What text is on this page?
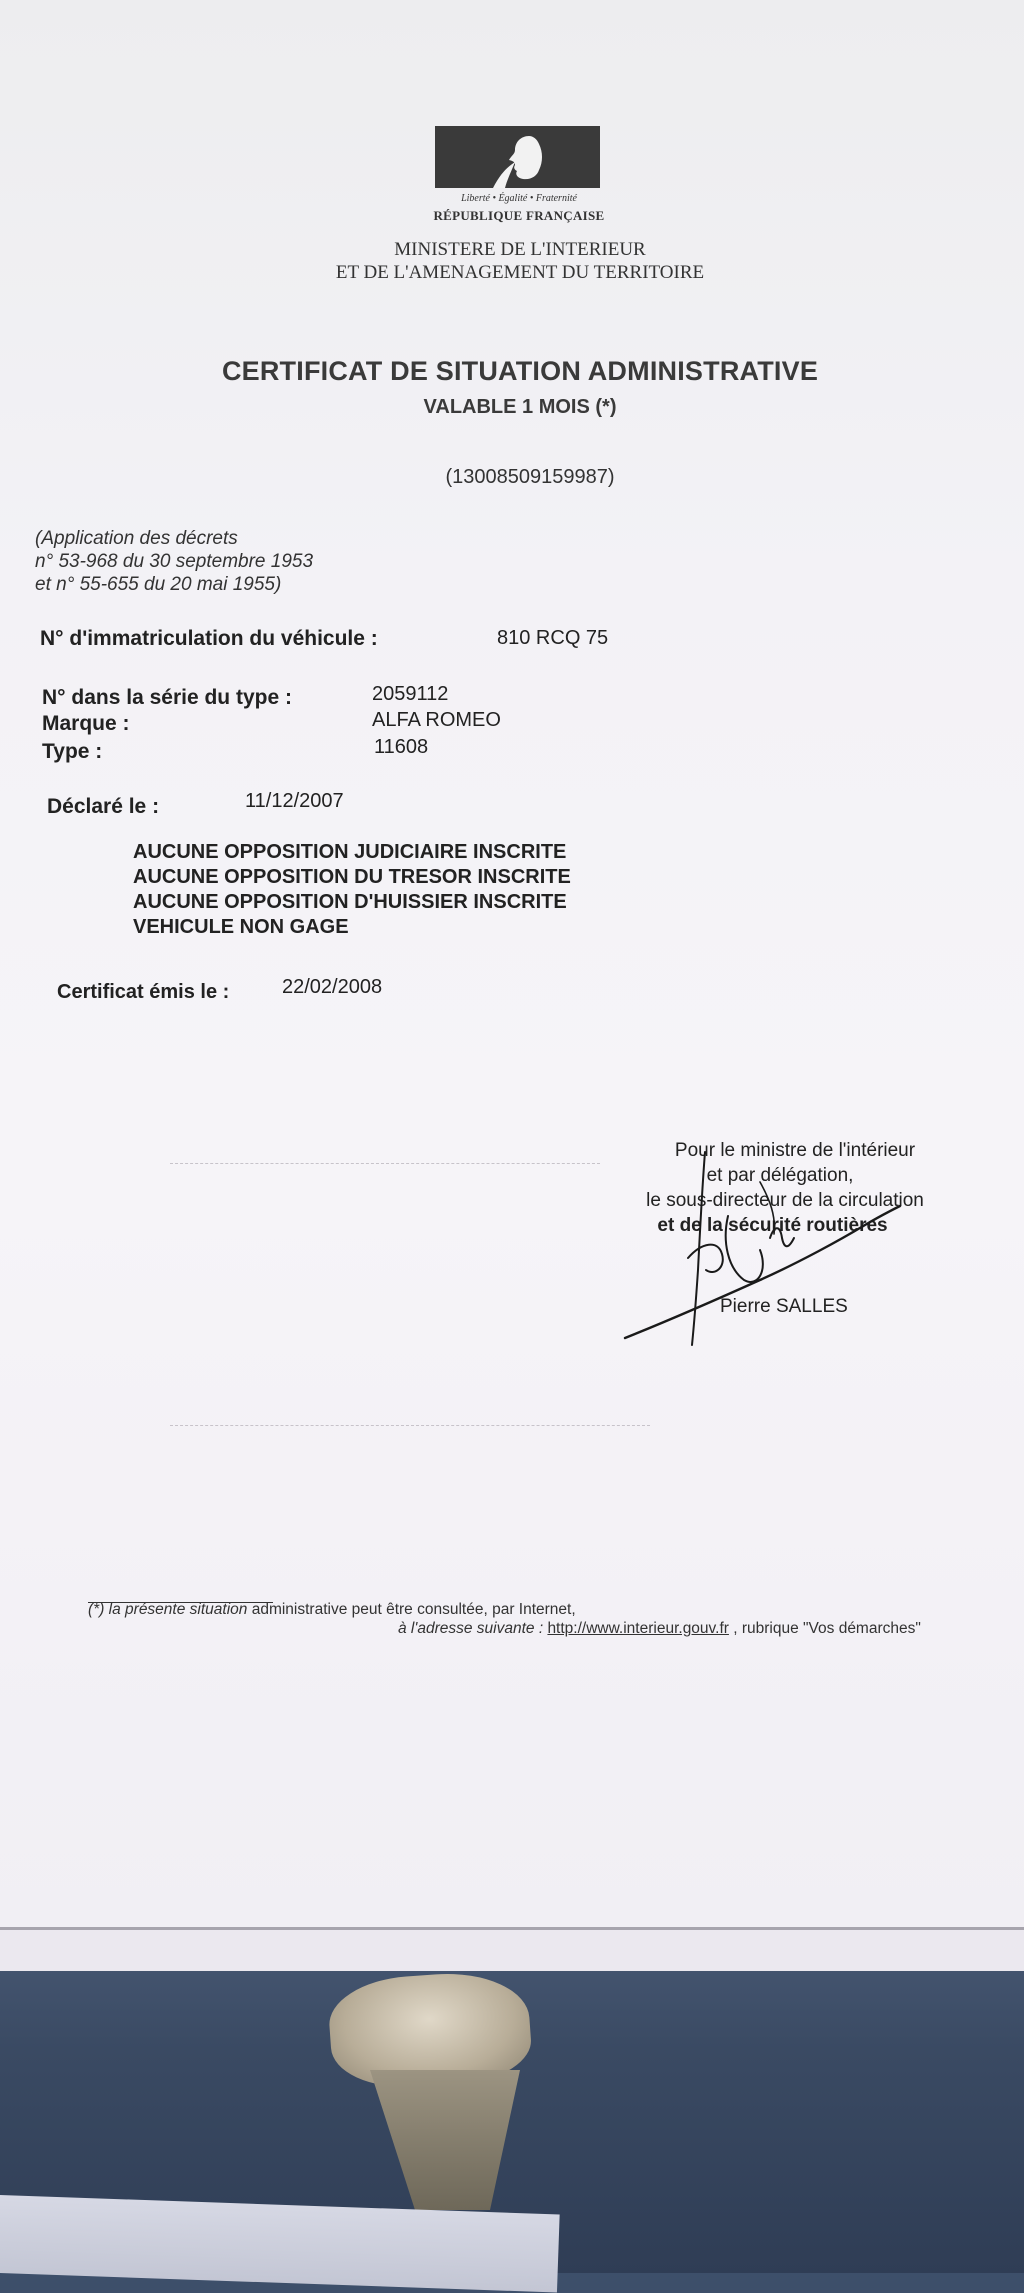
Liberté • Égalité • Fraternité
RÉPUBLIQUE FRANÇAISE
MINISTERE DE L'INTERIEUR
ET DE L'AMENAGEMENT DU TERRITOIRE
CERTIFICAT DE SITUATION ADMINISTRATIVE
VALABLE 1 MOIS (*)
(13008509159987)
(Application des décrets
n° 53-968 du 30 septembre 1953
et n° 55-655 du 20 mai 1955)
N° d'immatriculation du véhicule :	810 RCQ 75
N° dans la série du type :	2059112
Marque :	ALFA ROMEO
Type :	11608
Déclaré le :	11/12/2007
AUCUNE OPPOSITION JUDICIAIRE INSCRITE
AUCUNE OPPOSITION DU TRESOR INSCRITE
AUCUNE OPPOSITION D'HUISSIER INSCRITE
VEHICULE NON GAGE
Certificat émis le :	22/02/2008
Pour le ministre de l'intérieur
et par délégation,
le sous-directeur de la circulation
et de la sécurité routières
Pierre SALLES
(*) la présente situation administrative peut être consultée, par Internet,
à l'adresse suivante : http://www.interieur.gouv.fr , rubrique "Vos démarches"
